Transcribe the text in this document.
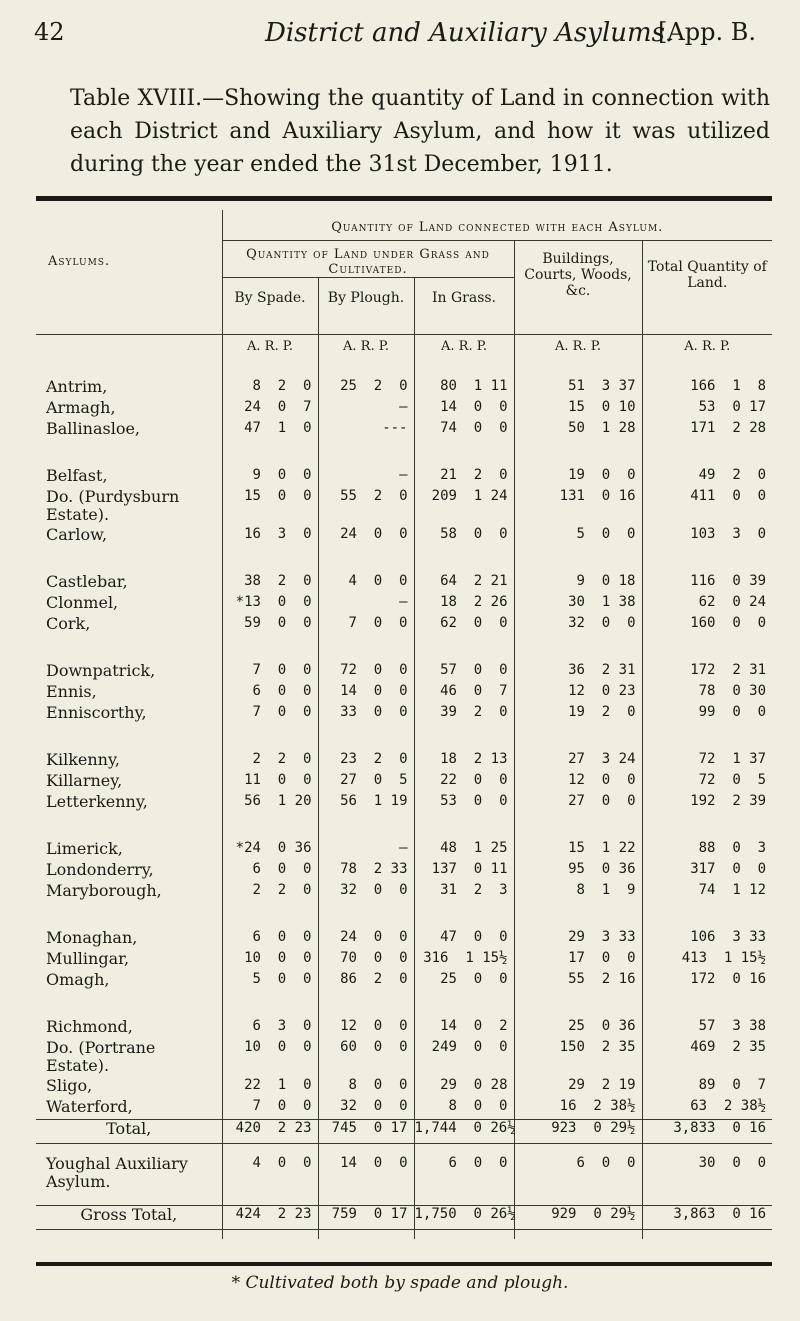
42	District and Auxiliary Asylums.
[App. B.
Table XVIII.—Showing the quantity of Land in connection with each District and Auxiliary Asylum, and how it was utilized during the year ended the 31st December, 1911.
	Quantity of Land connected with each Asylum.				
Asylums.	Quantity of Land under Grass and Cultivated.			Buildings, Courts, Woods, &c.	Total Quantity of Land.
	By Spade.	By Plough.	In Grass.		
	A. R. P.	A. R. P.	A. R. P.	A. R. P.	A. R. P.

Antrim,	8  2  0	25  2  0	80  1 11	51  3 37	166  1  8
Armagh,	24  0  7	—	14  0  0	15  0 10	53  0 17
Ballinasloe,	47  1  0	---	74  0  0	50  1 28	171  2 28

Belfast,	9  0  0	—	21  2  0	19  0  0	49  2  0
Do. (Purdysburn Estate).	15  0  0	55  2  0	209  1 24	131  0 16	411  0  0
Carlow,	16  3  0	24  0  0	58  0  0	5  0  0	103  3  0

Castlebar,	38  2  0	4  0  0	64  2 21	9  0 18	116  0 39
Clonmel,	*13  0  0	—	18  2 26	30  1 38	62  0 24
Cork,	59  0  0	7  0  0	62  0  0	32  0  0	160  0  0

Downpatrick,	7  0  0	72  0  0	57  0  0	36  2 31	172  2 31
Ennis,	6  0  0	14  0  0	46  0  7	12  0 23	78  0 30
Enniscorthy,	7  0  0	33  0  0	39  2  0	19  2  0	99  0  0

Kilkenny,	2  2  0	23  2  0	18  2 13	27  3 24	72  1 37
Killarney,	11  0  0	27  0  5	22  0  0	12  0  0	72  0  5
Letterkenny,	56  1 20	56  1 19	53  0  0	27  0  0	192  2 39

Limerick,	*24  0 36	—	48  1 25	15  1 22	88  0  3
Londonderry,	6  0  0	78  2 33	137  0 11	95  0 36	317  0  0
Maryborough,	2  2  0	32  0  0	31  2  3	8  1  9	74  1 12

Monaghan,	6  0  0	24  0  0	47  0  0	29  3 33	106  3 33
Mullingar,	10  0  0	70  0  0	316  1 15½	17  0  0	413  1 15½
Omagh,	5  0  0	86  2  0	25  0  0	55  2 16	172  0 16

Richmond,	6  3  0	12  0  0	14  0  2	25  0 36	57  3 38
Do. (Portrane Estate).	10  0  0	60  0  0	249  0  0	150  2 35	469  2 35
Sligo,	22  1  0	8  0  0	29  0 28	29  2 19	89  0  7
Waterford,	7  0  0	32  0  0	8  0  0	16  2 38½	63  2 38½
Total,	420  2 23	745  0 17	1,744  0 26½	923  0 29½	3,833  0 16

Youghal Auxiliary Asylum.	4  0  0	14  0  0	6  0  0	6  0  0	30  0  0

Gross Total,	424  2 23	759  0 17	1,750  0 26½	929  0 29½	3,863  0 16

* Cultivated both by spade and plough.
